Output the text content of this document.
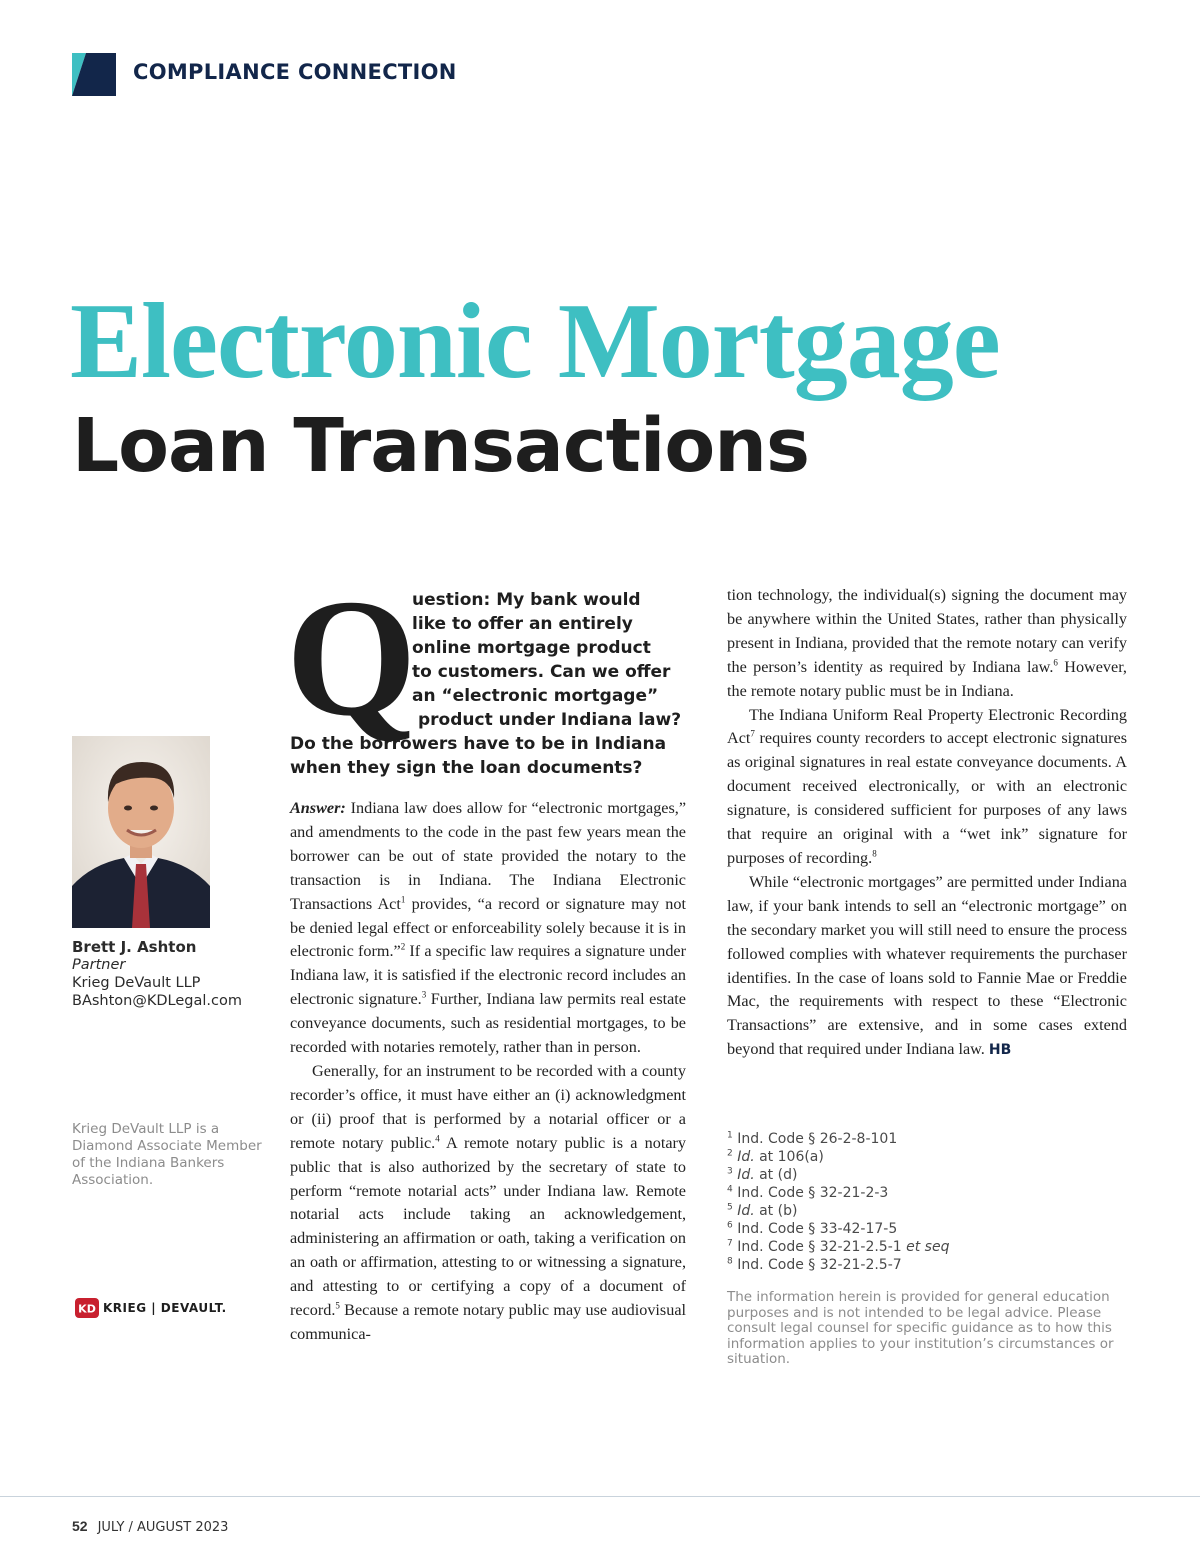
COMPLIANCE CONNECTION
Electronic Mortgage
Loan Transactions

Brett J. Ashton

Partner

Krieg DeVault LLP

BAshton@KDLegal.com

Krieg DeVault LLP is a Diamond Associate Member of the Indiana Bankers Association.

KD KRIEG | DEVAULT.
Q
uestion: My bank would
like to offer an entirely
online mortgage product
to customers. Can we offer
an “electronic mortgage”
product under Indiana law?
Do the borrowers have to be in Indiana
when they sign the loan documents?

Answer: Indiana law does allow for “electronic mortgages,” and amendments to the code in the past few years mean the borrower can be out of state provided the notary to the transaction is in Indiana. The Indiana Electronic Transactions Act$^1$ provides, “a record or signature may not be denied legal effect or enforceability solely because it is in electronic form.”$^2$ If a specific law requires a signature under Indiana law, it is satisfied if the electronic record includes an electronic signature.$^3$ Further, Indiana law permits real estate conveyance documents, such as residential mortgages, to be recorded with notaries remotely, rather than in person.

Generally, for an instrument to be recorded with a county recorder’s office, it must have either an (i) acknowledgment or (ii) proof that is performed by a notarial officer or a remote notary public.$^4$ A remote notary public is a notary public that is also authorized by the secretary of state to perform “remote notarial acts” under Indiana law. Remote notarial acts include taking an acknowledgement, administering an affirmation or oath, taking a verification on an oath or affirmation, attesting to or witnessing a signature, and attesting to or certifying a copy of a document of record.$^5$ Because a remote notary public may use audiovisual communica-

tion technology, the individual(s) signing the document may be anywhere within the United States, rather than physically present in Indiana, provided that the remote notary can verify the person’s identity as required by Indiana law.$^6$ However, the remote notary public must be in Indiana.

The Indiana Uniform Real Property Electronic Recording Act$^7$ requires county recorders to accept electronic signatures as original signatures in real estate conveyance documents. A document received electronically, or with an electronic signature, is considered sufficient for purposes of any laws that require an original with a “wet ink” signature for purposes of recording.$^8$

While “electronic mortgages” are permitted under Indiana law, if your bank intends to sell an “electronic mortgage” on the secondary market you will still need to ensure the process followed complies with whatever requirements the purchaser identifies. In the case of loans sold to Fannie Mae or Freddie Mac, the requirements with respect to these “Electronic Transactions” are extensive, and in some cases extend beyond that required under Indiana law. HB

$^1$ Ind. Code § 26-2-8-101
$^2$ Id. at 106(a)
$^3$ Id. at (d)
$^4$ Ind. Code § 32-21-2-3
$^5$ Id. at (b)
$^6$ Ind. Code § 33-42-17-5
$^7$ Ind. Code § 32-21-2.5-1 et seq
$^8$ Ind. Code § 32-21-2.5-7

The information herein is provided for general education purposes and is not intended to be legal advice. Please consult legal counsel for specific guidance as to how this information applies to your institution’s circumstances or situation.

52 JULY / AUGUST 2023
